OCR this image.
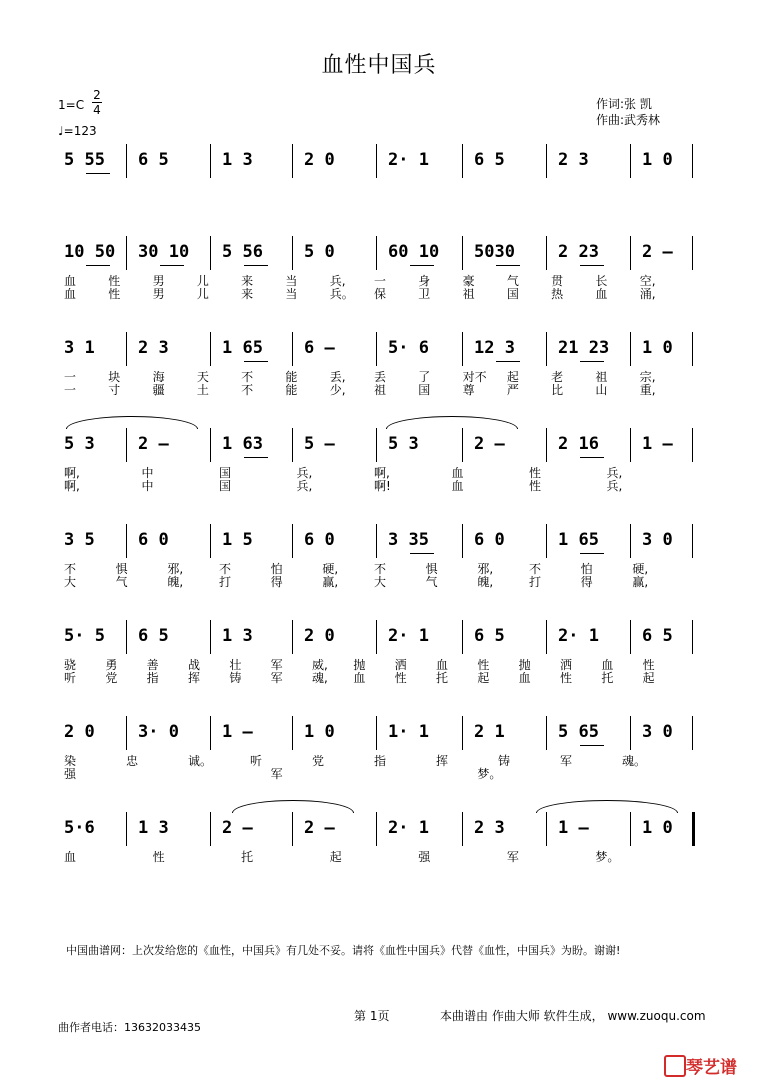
血性中国兵
1=C
2
4
♩=123
作词:张 凯
作曲:武秀林
5 55 6 5	1 3	2 0	2· 1	6 5	2 3	1 0
10 50 30 10 5 56 5 0	60 10 5030	2 23	2 –
血	性	男	儿	来	当	兵, 一	身	豪	气	贯	长	空,
血	性	男	儿	来	当	兵。 保	卫	祖	国	热	血	涌,
3 1	2 3	1 65 6 –	5· 6	12 3	21 23 1 0
一	块	海	天	不	能	丢, 丢	了	对不 起	老	祖	宗,
一	寸	疆	土	不	能	少, 祖	国	尊	严	比	山	重,
5 3	2 –	1 63 5 –	5 3	2 –	2 16	1 –
啊,	中	国	兵,	啊,	血	性	兵,
啊,	中	国	兵,	啊!	血	性	兵,
3 5	6 0	1 5	6 0	3 35	6 0	1 65	3 0
不	惧	邪,	不	怕	硬,	不	惧	邪,	不	怕	硬,
大	气	魄,	打	得	赢,	大	气	魄,	打	得	赢,
5· 5 6 5	1 3	2 0	2· 1	6 5	2· 1	6 5
骁 勇 善 战 壮 军 威, 抛 洒 血 性 抛 洒 血 性
听 党 指 挥 铸 军 魂, 血 性 托 起 血 性 托 起
2 0	3· 0	1 –	1 0	1· 1	2 1	5 65	3 0
染	忠	诚。	听	党	指	挥	铸	军	魂。
强	军	梦。
5·6	1 3	2 –	2 –	2· 1	2 3	1 –	1 0
血	性	托	起	强	军	梦。
中国曲谱网：上次发给您的《血性，中国兵》有几处不妥。请将《血性中国兵》代替《血性，中国兵》为盼。谢谢!
第 1页	本曲谱由 作曲大师 软件生成， www.zuoqu.com
曲作者电话：13632033435
琴艺谱
